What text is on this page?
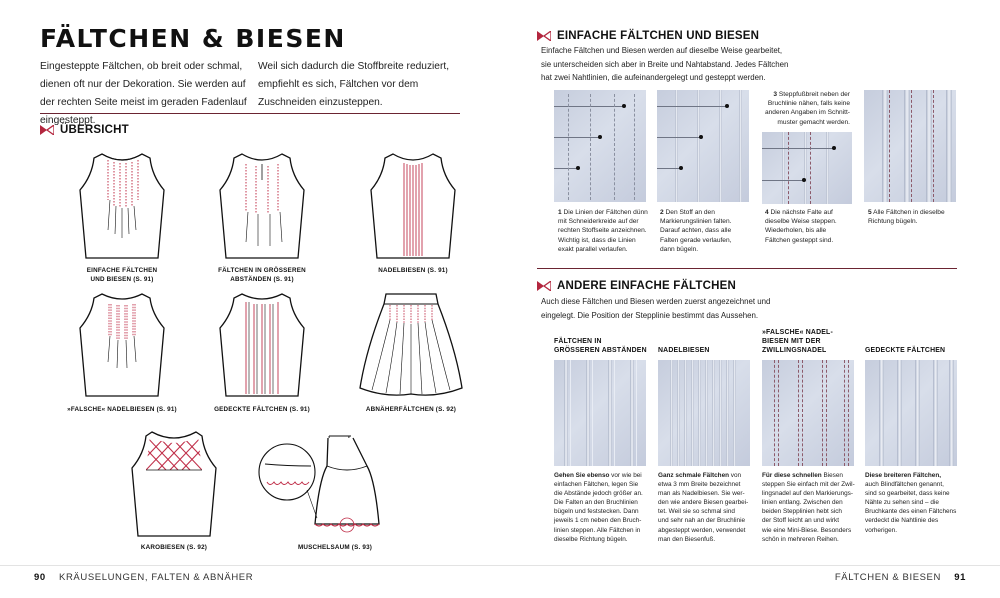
FÄLTCHEN & BIESEN
Eingesteppte Fältchen, ob breit oder schmal, dienen oft nur der Dekoration. Sie werden auf der rechten Seite meist im geraden Fadenlauf eingesteppt.
Weil sich dadurch die Stoffbreite reduziert, empfiehlt es sich, Fältchen vor dem Zuschneiden einzusteppen.
ÜBERSICHT
EINFACHE FÄLTCHEN
UND BIESEN (S. 91)
FÄLTCHEN IN GRÖSSEREN
ABSTÄNDEN (S. 91)
NADELBIESEN (S. 91)
»FALSCHE« NADELBIESEN (S. 91)	GEDECKTE FÄLTCHEN (S. 91)	ABNÄHERFÄLTCHEN (S. 92)
KAROBIESEN (S. 92)	MUSCHELSAUM (S. 93)
90 KRÄUSELUNGEN, FALTEN & ABNÄHER
EINFACHE FÄLTCHEN UND BIESEN
Einfache Fältchen und Biesen werden auf dieselbe Weise gearbeitet,
sie unterscheiden sich aber in Breite und Nahtabstand. Jedes Fältchen
hat zwei Nahtlinien, die aufeinandergelegt und gesteppt werden.
3 Steppfußbreit neben der
Bruchlinie nähen, falls keine
anderen Angaben im Schnitt-
muster gemacht werden.
1 Die Linien der Fältchen dünn
mit Schneiderkreide auf der
rechten Stoffseite anzeichnen.
Wichtig ist, dass die Linien
exakt parallel verlaufen.
2 Den Stoff an den
Markierungslinien falten.
Darauf achten, dass alle
Falten gerade verlaufen,
dann bügeln.
4 Die nächste Falte auf
dieselbe Weise steppen.
Wiederholen, bis alle
Fältchen gesteppt sind.
5 Alle Fältchen in dieselbe
Richtung bügeln.
ANDERE EINFACHE FÄLTCHEN
Auch diese Fältchen und Biesen werden zuerst angezeichnet und
eingelegt. Die Position der Stepplinie bestimmt das Aussehen.
FÄLTCHEN IN
GRÖSSEREN ABSTÄNDEN	NADELBIESEN
»FALSCHE« NADEL-
BIESEN MIT DER
ZWILLINGSNADEL	GEDECKTE FÄLTCHEN
Gehen Sie ebenso vor wie bei
einfachen Fältchen, legen Sie
die Abstände jedoch größer an.
Die Falten an den Bruchlinien
bügeln und feststecken. Dann
jeweils 1 cm neben den Bruch-
linien steppen. Alle Fältchen in
dieselbe Richtung bügeln.
Ganz schmale Fältchen von
etwa 3 mm Breite bezeichnet
man als Nadelbiesen. Sie wer-
den wie andere Biesen gearbei-
tet. Weil sie so schmal sind
und sehr nah an der Bruchlinie
abgesteppt werden, verwendet
man den Biesenfuß.
Für diese schnellen Biesen
steppen Sie einfach mit der Zwil-
lingsnadel auf den Markierungs-
linien entlang. Zwischen den
beiden Stepplinien hebt sich
der Stoff leicht an und wirkt
wie eine Mini-Biese. Besonders
schön in mehreren Reihen.
Diese breiteren Fältchen,
auch Blindfältchen genannt,
sind so gearbeitet, dass keine
Nähte zu sehen sind – die
Bruchkante des einen Fältchens
verdeckt die Nahtlinie des
vorherigen.
FÄLTCHEN & BIESEN 91
